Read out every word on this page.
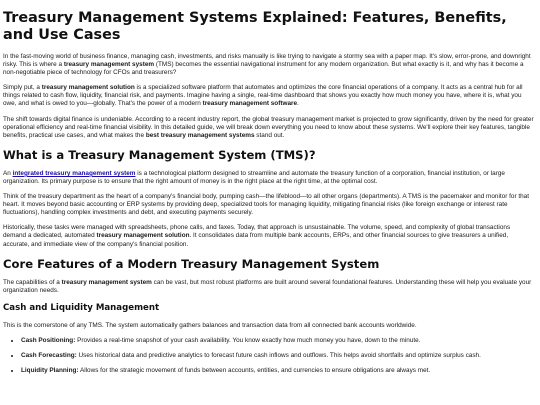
Treasury Management Systems Explained: Features, Benefits, and Use Cases

In the fast-moving world of business finance, managing cash, investments, and risks manually is like trying to navigate a stormy sea with a paper map. It's slow, error-prone, and downright risky. This is where a treasury management system (TMS) becomes the essential navigational instrument for any modern organization. But what exactly is it, and why has it become a non-negotiable piece of technology for CFOs and treasurers?

Simply put, a treasury management solution is a specialized software platform that automates and optimizes the core financial operations of a company. It acts as a central hub for all things related to cash flow, liquidity, financial risk, and payments. Imagine having a single, real-time dashboard that shows you exactly how much money you have, where it is, what you owe, and what is owed to you—globally. That's the power of a modern treasury management software.

The shift towards digital finance is undeniable. According to a recent industry report, the global treasury management market is projected to grow significantly, driven by the need for greater operational efficiency and real-time financial visibility. In this detailed guide, we will break down everything you need to know about these systems. We'll explore their key features, tangible benefits, practical use cases, and what makes the best treasury management systems stand out.

What is a Treasury Management System (TMS)?

An integrated treasury management system is a technological platform designed to streamline and automate the treasury function of a corporation, financial institution, or large organization. Its primary purpose is to ensure that the right amount of money is in the right place at the right time, at the optimal cost.

Think of the treasury department as the heart of a company's financial body, pumping cash—the lifeblood—to all other organs (departments). A TMS is the pacemaker and monitor for that heart. It moves beyond basic accounting or ERP systems by providing deep, specialized tools for managing liquidity, mitigating financial risks (like foreign exchange or interest rate fluctuations), handling complex investments and debt, and executing payments securely.

Historically, these tasks were managed with spreadsheets, phone calls, and faxes. Today, that approach is unsustainable. The volume, speed, and complexity of global transactions demand a dedicated, automated treasury management solution. It consolidates data from multiple bank accounts, ERPs, and other financial sources to give treasurers a unified, accurate, and immediate view of the company's financial position.

Core Features of a Modern Treasury Management System

The capabilities of a treasury management system can be vast, but most robust platforms are built around several foundational features. Understanding these will help you evaluate your organization needs.

Cash and Liquidity Management

This is the cornerstone of any TMS. The system automatically gathers balances and transaction data from all connected bank accounts worldwide.

• Cash Positioning: Provides a real-time snapshot of your cash availability. You know exactly how much money you have, down to the minute.
• Cash Forecasting: Uses historical data and predictive analytics to forecast future cash inflows and outflows. This helps avoid shortfalls and optimize surplus cash.
• Liquidity Planning: Allows for the strategic movement of funds between accounts, entities, and currencies to ensure obligations are always met.
